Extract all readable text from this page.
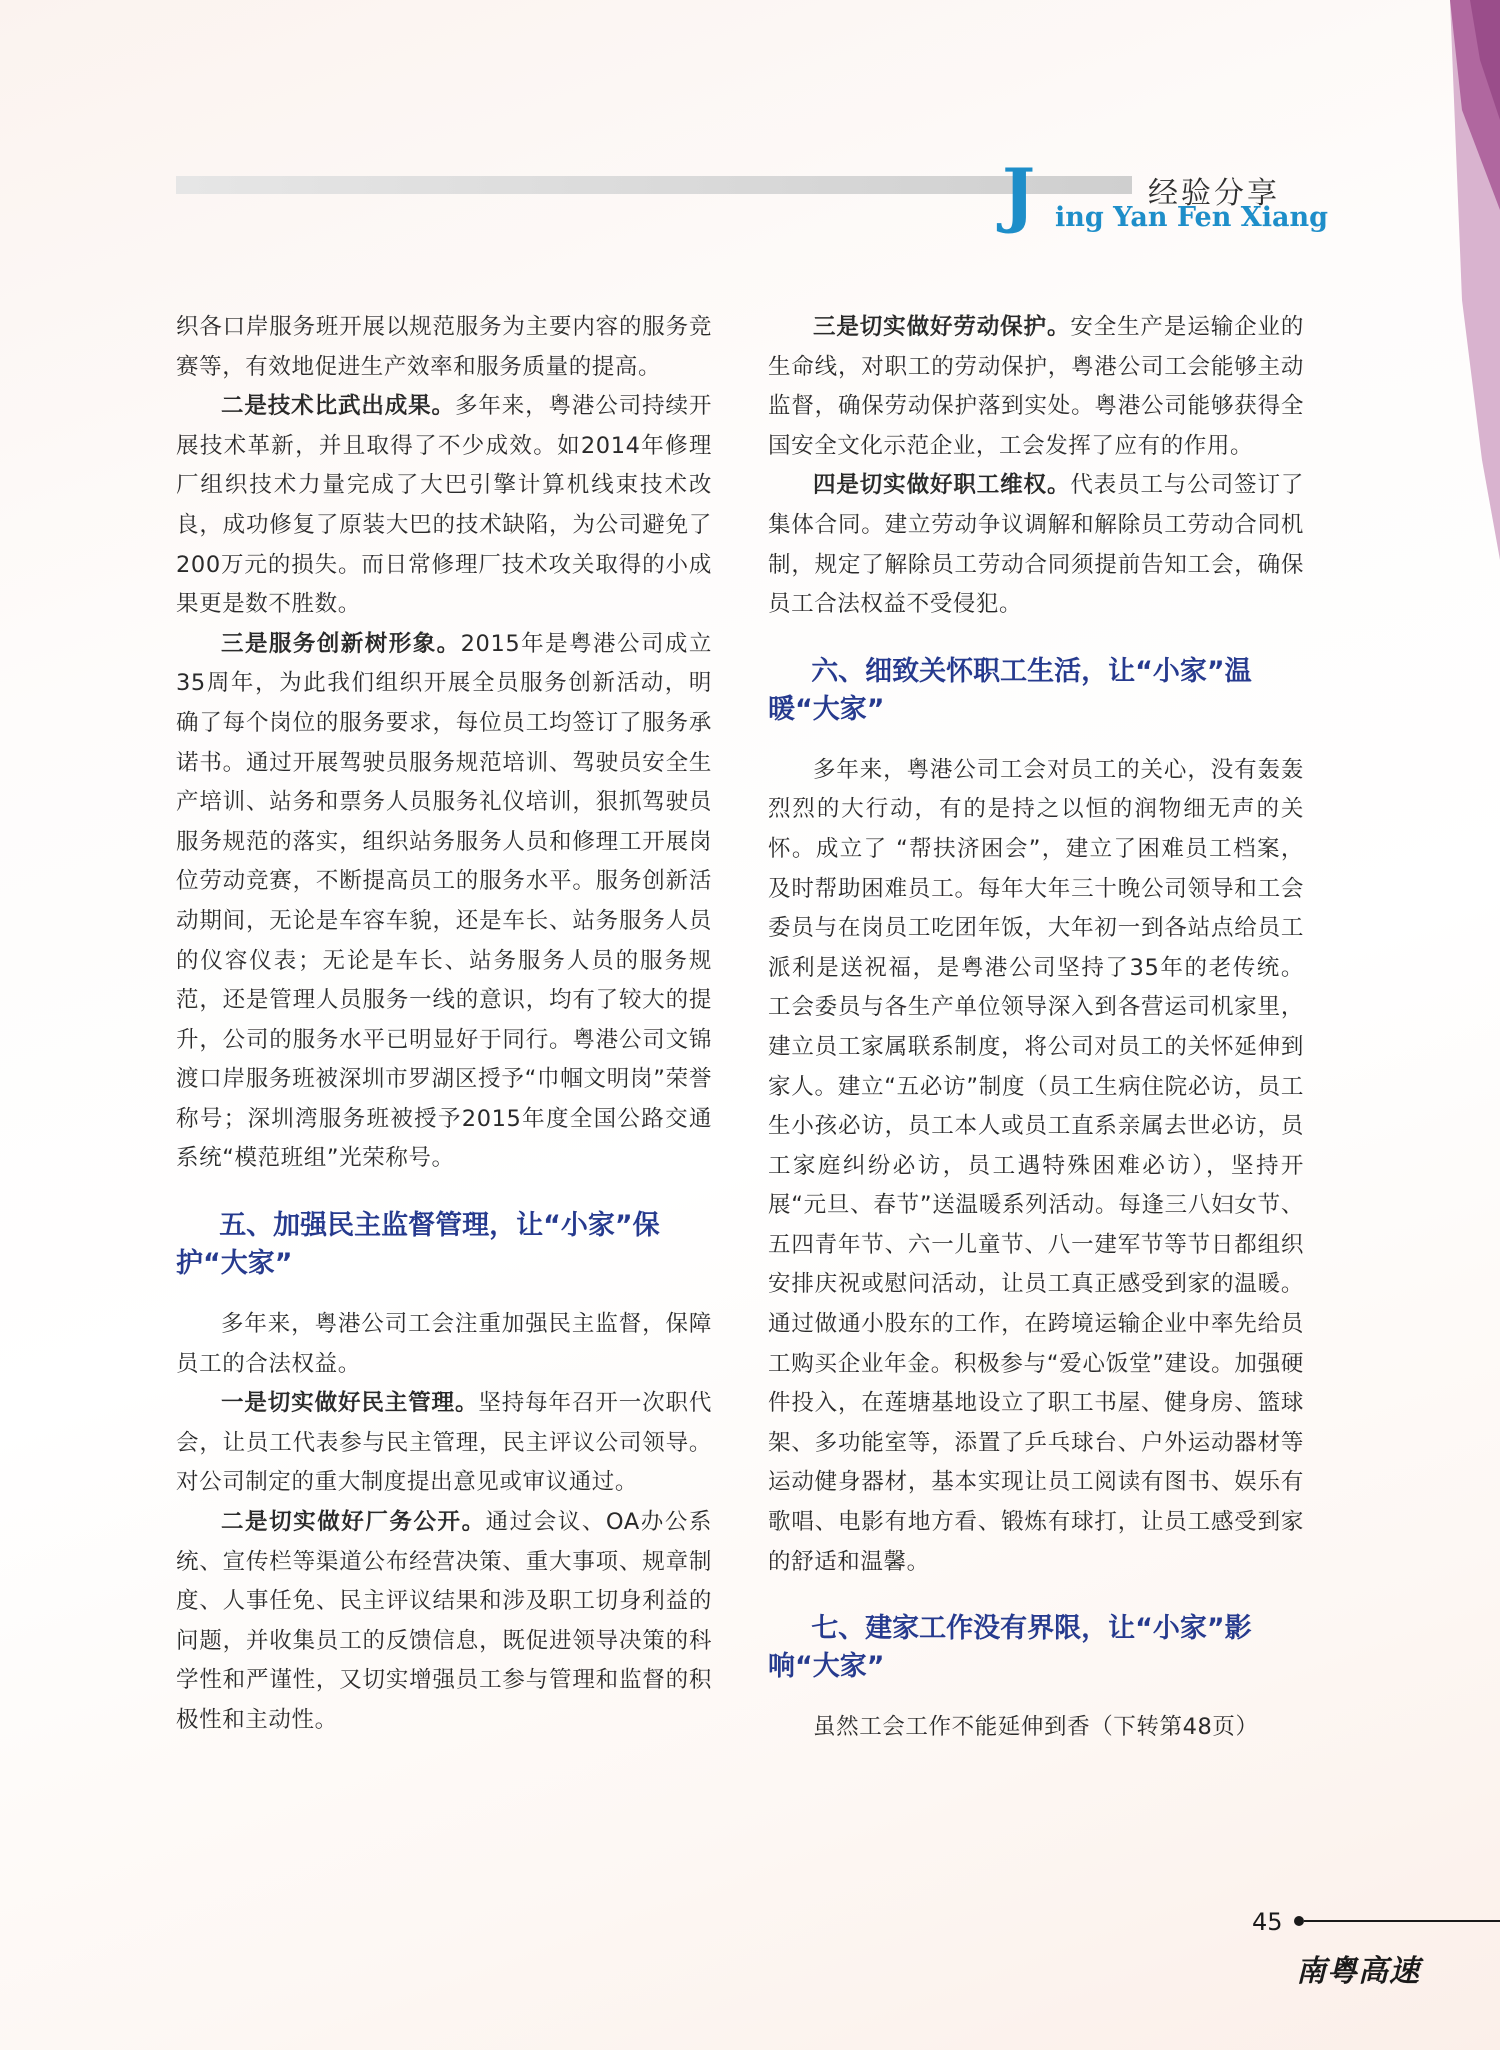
J	经验分享
ing Yan Fen Xiang

织各口岸服务班开展以规范服务为主要内容的服务竞赛等，有效地促进生产效率和服务质量的提高。

二是技术比武出成果。多年来，粤港公司持续开展技术革新，并且取得了不少成效。如2014年修理厂组织技术力量完成了大巴引擎计算机线束技术改良，成功修复了原装大巴的技术缺陷，为公司避免了200万元的损失。而日常修理厂技术攻关取得的小成果更是数不胜数。

三是服务创新树形象。2015年是粤港公司成立35周年，为此我们组织开展全员服务创新活动，明确了每个岗位的服务要求，每位员工均签订了服务承诺书。通过开展驾驶员服务规范培训、驾驶员安全生产培训、站务和票务人员服务礼仪培训，狠抓驾驶员服务规范的落实，组织站务服务人员和修理工开展岗位劳动竞赛，不断提高员工的服务水平。服务创新活动期间，无论是车容车貌，还是车长、站务服务人员的仪容仪表；无论是车长、站务服务人员的服务规范，还是管理人员服务一线的意识，均有了较大的提升，公司的服务水平已明显好于同行。粤港公司文锦渡口岸服务班被深圳市罗湖区授予“巾帼文明岗”荣誉称号；深圳湾服务班被授予2015年度全国公路交通系统“模范班组”光荣称号。

五、加强民主监督管理，让“小家”保护“大家”

多年来，粤港公司工会注重加强民主监督，保障员工的合法权益。

一是切实做好民主管理。坚持每年召开一次职代会，让员工代表参与民主管理，民主评议公司领导。对公司制定的重大制度提出意见或审议通过。

二是切实做好厂务公开。通过会议、OA办公系统、宣传栏等渠道公布经营决策、重大事项、规章制度、人事任免、民主评议结果和涉及职工切身利益的问题，并收集员工的反馈信息，既促进领导决策的科学性和严谨性，又切实增强员工参与管理和监督的积极性和主动性。

三是切实做好劳动保护。安全生产是运输企业的生命线，对职工的劳动保护，粤港公司工会能够主动监督，确保劳动保护落到实处。粤港公司能够获得全国安全文化示范企业，工会发挥了应有的作用。

四是切实做好职工维权。代表员工与公司签订了集体合同。建立劳动争议调解和解除员工劳动合同机制，规定了解除员工劳动合同须提前告知工会，确保员工合法权益不受侵犯。

六、细致关怀职工生活，让“小家”温暖“大家”

多年来，粤港公司工会对员工的关心，没有轰轰烈烈的大行动，有的是持之以恒的润物细无声的关怀。成立了 “帮扶济困会”，建立了困难员工档案，及时帮助困难员工。每年大年三十晚公司领导和工会委员与在岗员工吃团年饭，大年初一到各站点给员工派利是送祝福，是粤港公司坚持了35年的老传统。工会委员与各生产单位领导深入到各营运司机家里，建立员工家属联系制度，将公司对员工的关怀延伸到家人。建立“五必访”制度（员工生病住院必访，员工生小孩必访，员工本人或员工直系亲属去世必访，员工家庭纠纷必访，员工遇特殊困难必访），坚持开展“元旦、春节”送温暖系列活动。每逢三八妇女节、五四青年节、六一儿童节、八一建军节等节日都组织安排庆祝或慰问活动，让员工真正感受到家的温暖。通过做通小股东的工作，在跨境运输企业中率先给员工购买企业年金。积极参与“爱心饭堂”建设。加强硬件投入，在莲塘基地设立了职工书屋、健身房、篮球架、多功能室等，添置了乒乓球台、户外运动器材等运动健身器材，基本实现让员工阅读有图书、娱乐有歌唱、电影有地方看、锻炼有球打，让员工感受到家的舒适和温馨。

七、建家工作没有界限，让“小家”影响“大家”

虽然工会工作不能延伸到香（下转第48页）

45
南粤高速
